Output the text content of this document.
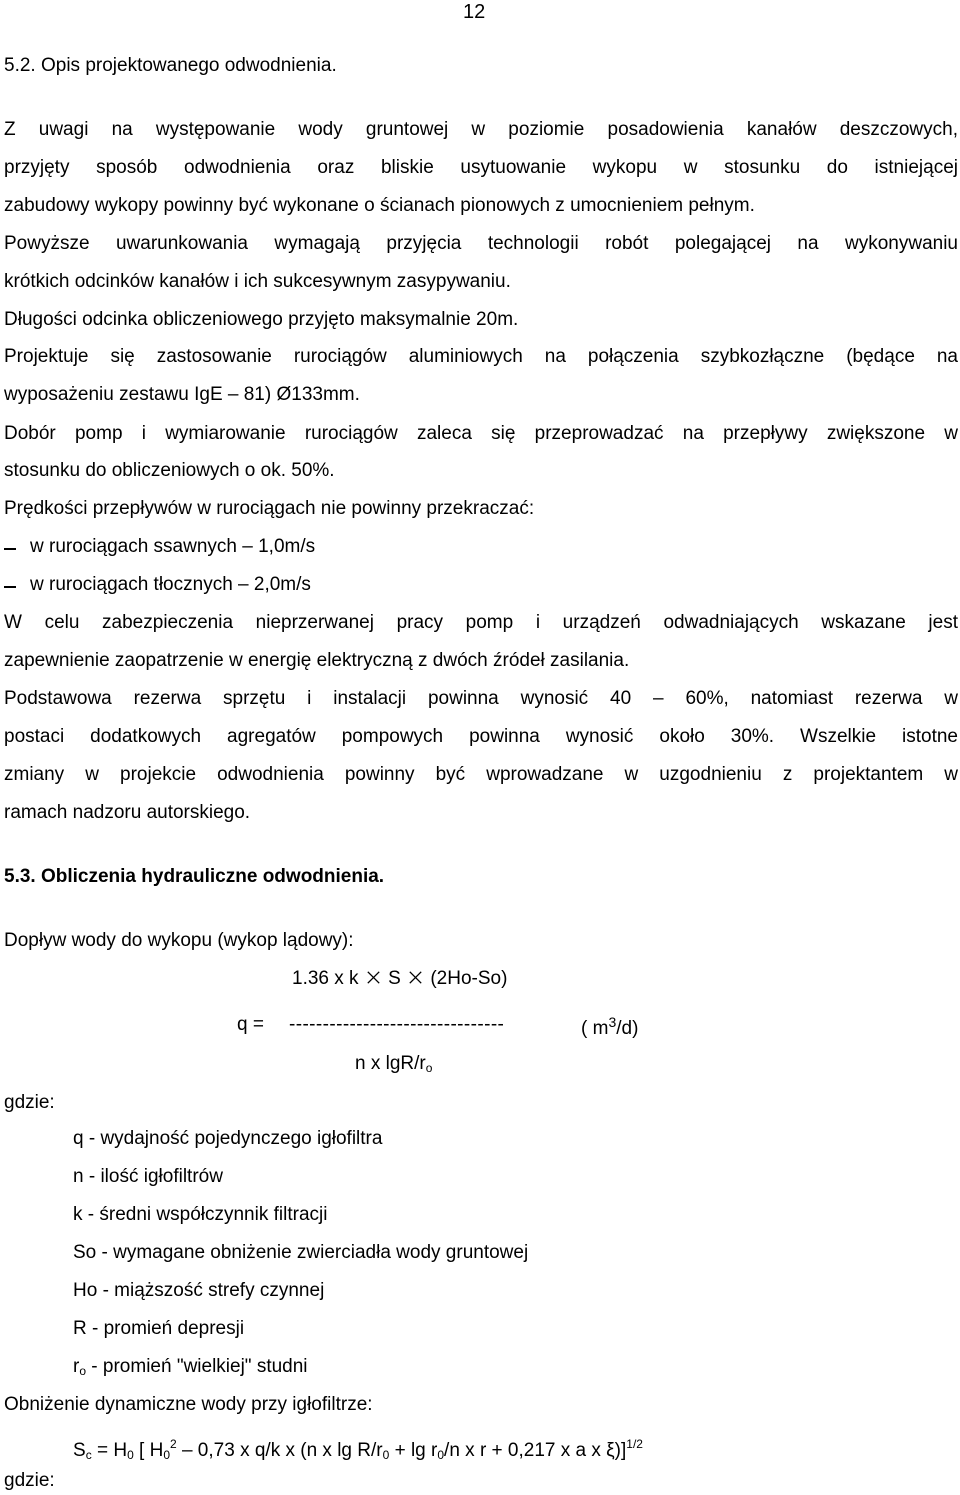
12
5.2. Opis projektowanego odwodnienia.
Z uwagi na występowanie wody gruntowej w poziomie posadowienia kanałów deszczowych,
przyjęty sposób odwodnienia oraz bliskie usytuowanie wykopu w stosunku do istniejącej
zabudowy wykopy powinny być wykonane o ścianach pionowych z umocnieniem pełnym.
Powyższe uwarunkowania wymagają przyjęcia technologii robót polegającej na wykonywaniu
krótkich odcinków kanałów i ich sukcesywnym zasypywaniu.
Długości odcinka obliczeniowego przyjęto maksymalnie 20m.
Projektuje się zastosowanie rurociągów aluminiowych na połączenia szybkozłączne (będące na
wyposażeniu zestawu IgE – 81) Ø133mm.
Dobór pomp i wymiarowanie rurociągów zaleca się przeprowadzać na przepływy zwiększone w
stosunku do obliczeniowych o ok. 50%.
Prędkości przepływów w rurociągach nie powinny przekraczać:
w rurociągach ssawnych – 1,0m/s
w rurociągach tłocznych – 2,0m/s
W celu zabezpieczenia nieprzerwanej pracy pomp i urządzeń odwadniających wskazane jest
zapewnienie zaopatrzenie w energię elektryczną z dwóch źródeł zasilania.
Podstawowa rezerwa sprzętu i instalacji powinna wynosić 40 – 60%, natomiast rezerwa w
postaci dodatkowych agregatów pompowych powinna wynosić około 30%. Wszelkie istotne
zmiany w projekcie odwodnienia powinny być wprowadzane w uzgodnieniu z projektantem w
ramach nadzoru autorskiego.
5.3. Obliczenia hydrauliczne odwodnienia.
Dopływ wody do wykopu (wykop lądowy):
1.36 x k
S
(2Ho-So)
q = --------------------------------	( $m^3/d$)
n x lgR/$r_o$
gdzie:
q - wydajność pojedynczego igłofiltra
n - ilość igłofiltrów
k - średni współczynnik filtracji
So - wymagane obniżenie zwierciadła wody gruntowej
Ho - miąższość strefy czynnej
R - promień depresji
$r_o$ - promień "wielkiej" studni
Obniżenie dynamiczne wody przy igłofiltrze:
$S_c = H_0$ [ $H_0^2 - 0,73$ x q/k x (n x $\lg R/r_0 + \lg r_0/n$ x r + 0,217 x a x ξ)]$^{1/2}$
gdzie:
